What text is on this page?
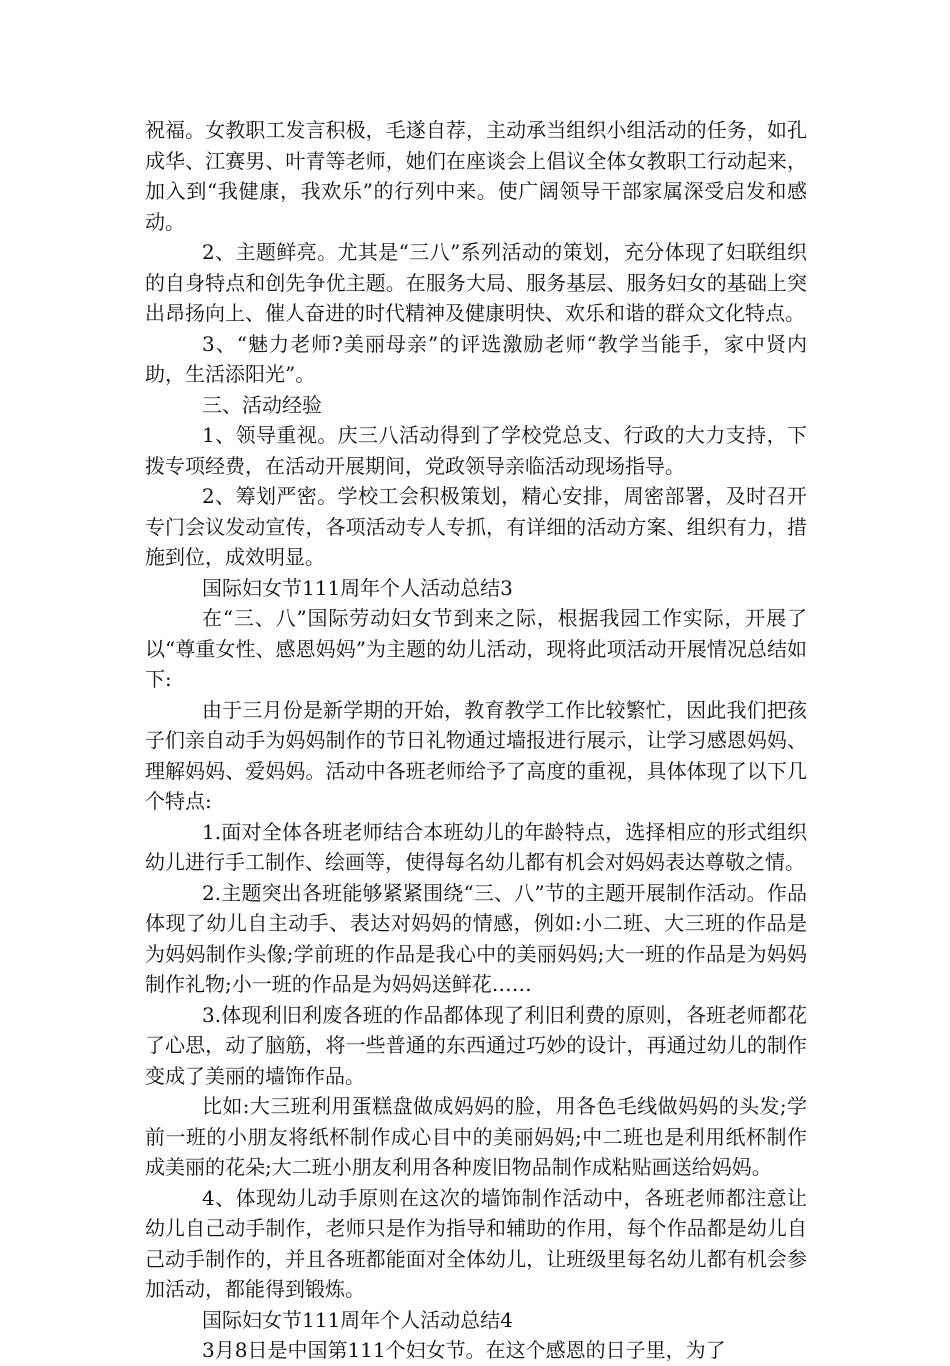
祝福。女教职工发言积极，毛遂自荐，主动承当组织小组活动的任务，如孔成华、江赛男、叶青等老师，她们在座谈会上倡议全体女教职工行动起来，加入到“我健康，我欢乐”的行列中来。使广阔领导干部家属深受启发和感动。

2、主题鲜亮。尤其是“三八”系列活动的策划，充分体现了妇联组织的自身特点和创先争优主题。在服务大局、服务基层、服务妇女的基础上突出昂扬向上、催人奋进的时代精神及健康明快、欢乐和谐的群众文化特点。

3、“魅力老师?美丽母亲”的评选激励老师“教学当能手，家中贤内助，生活添阳光”。

三、活动经验

1、领导重视。庆三八活动得到了学校党总支、行政的大力支持，下拨专项经费，在活动开展期间，党政领导亲临活动现场指导。

2、筹划严密。学校工会积极策划，精心安排，周密部署，及时召开专门会议发动宣传，各项活动专人专抓，有详细的活动方案、组织有力，措施到位，成效明显。

国际妇女节111周年个人活动总结3

在“三、八”国际劳动妇女节到来之际，根据我园工作实际，开展了以“尊重女性、感恩妈妈”为主题的幼儿活动，现将此项活动开展情况总结如下:

由于三月份是新学期的开始，教育教学工作比较繁忙，因此我们把孩子们亲自动手为妈妈制作的节日礼物通过墙报进行展示，让学习感恩妈妈、理解妈妈、爱妈妈。活动中各班老师给予了高度的重视，具体体现了以下几个特点:

1.面对全体各班老师结合本班幼儿的年龄特点，选择相应的形式组织幼儿进行手工制作、绘画等，使得每名幼儿都有机会对妈妈表达尊敬之情。

2.主题突出各班能够紧紧围绕“三、八”节的主题开展制作活动。作品体现了幼儿自主动手、表达对妈妈的情感，例如:小二班、大三班的作品是为妈妈制作头像;学前班的作品是我心中的美丽妈妈;大一班的作品是为妈妈制作礼物;小一班的作品是为妈妈送鲜花……

3.体现利旧利废各班的作品都体现了利旧利费的原则，各班老师都花了心思，动了脑筋，将一些普通的东西通过巧妙的设计，再通过幼儿的制作变成了美丽的墙饰作品。

比如:大三班利用蛋糕盘做成妈妈的脸，用各色毛线做妈妈的头发;学前一班的小朋友将纸杯制作成心目中的美丽妈妈;中二班也是利用纸杯制作成美丽的花朵;大二班小朋友利用各种废旧物品制作成粘贴画送给妈妈。

4、体现幼儿动手原则在这次的墙饰制作活动中，各班老师都注意让幼儿自己动手制作，老师只是作为指导和辅助的作用，每个作品都是幼儿自己动手制作的，并且各班都能面对全体幼儿，让班级里每名幼儿都有机会参加活动，都能得到锻炼。

国际妇女节111周年个人活动总结4

3月8日是中国第111个妇女节。在这个感恩的日子里，为了
